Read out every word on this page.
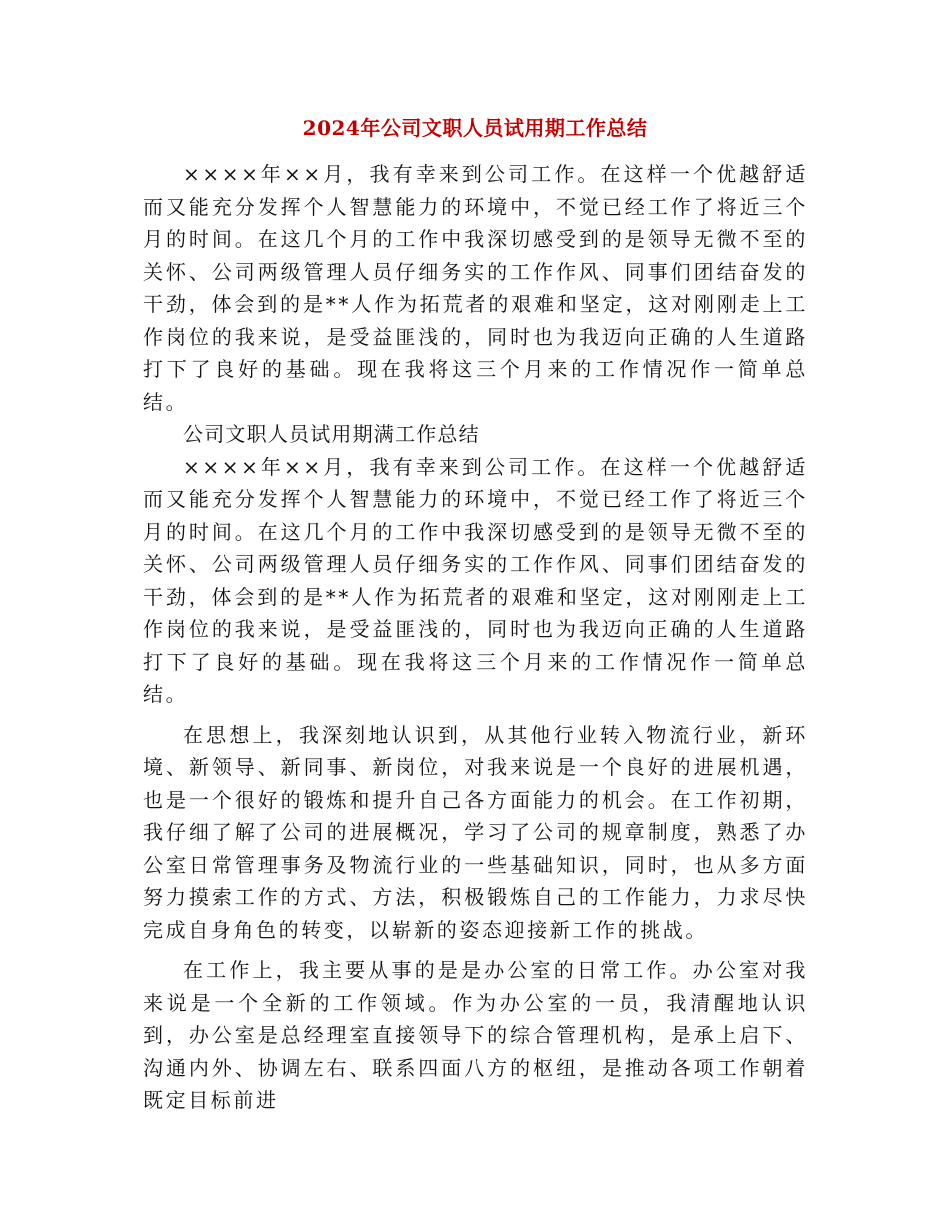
2024年公司文职人员试用期工作总结

××××年××月，我有幸来到公司工作。在这样一个优越舒适而又能充分发挥个人智慧能力的环境中，不觉已经工作了将近三个月的时间。在这几个月的工作中我深切感受到的是领导无微不至的关怀、公司两级管理人员仔细务实的工作作风、同事们团结奋发的干劲，体会到的是**人作为拓荒者的艰难和坚定，这对刚刚走上工作岗位的我来说，是受益匪浅的，同时也为我迈向正确的人生道路打下了良好的基础。现在我将这三个月来的工作情况作一简单总结。

公司文职人员试用期满工作总结

××××年××月，我有幸来到公司工作。在这样一个优越舒适而又能充分发挥个人智慧能力的环境中，不觉已经工作了将近三个月的时间。在这几个月的工作中我深切感受到的是领导无微不至的关怀、公司两级管理人员仔细务实的工作作风、同事们团结奋发的干劲，体会到的是**人作为拓荒者的艰难和坚定，这对刚刚走上工作岗位的我来说，是受益匪浅的，同时也为我迈向正确的人生道路打下了良好的基础。现在我将这三个月来的工作情况作一简单总结。

在思想上，我深刻地认识到，从其他行业转入物流行业，新环境、新领导、新同事、新岗位，对我来说是一个良好的进展机遇，也是一个很好的锻炼和提升自己各方面能力的机会。在工作初期，我仔细了解了公司的进展概况，学习了公司的规章制度，熟悉了办公室日常管理事务及物流行业的一些基础知识，同时，也从多方面努力摸索工作的方式、方法，积极锻炼自己的工作能力，力求尽快完成自身角色的转变，以崭新的姿态迎接新工作的挑战。

在工作上，我主要从事的是是办公室的日常工作。办公室对我来说是一个全新的工作领域。作为办公室的一员，我清醒地认识到，办公室是总经理室直接领导下的综合管理机构，是承上启下、沟通内外、协调左右、联系四面八方的枢纽，是推动各项工作朝着既定目标前进
